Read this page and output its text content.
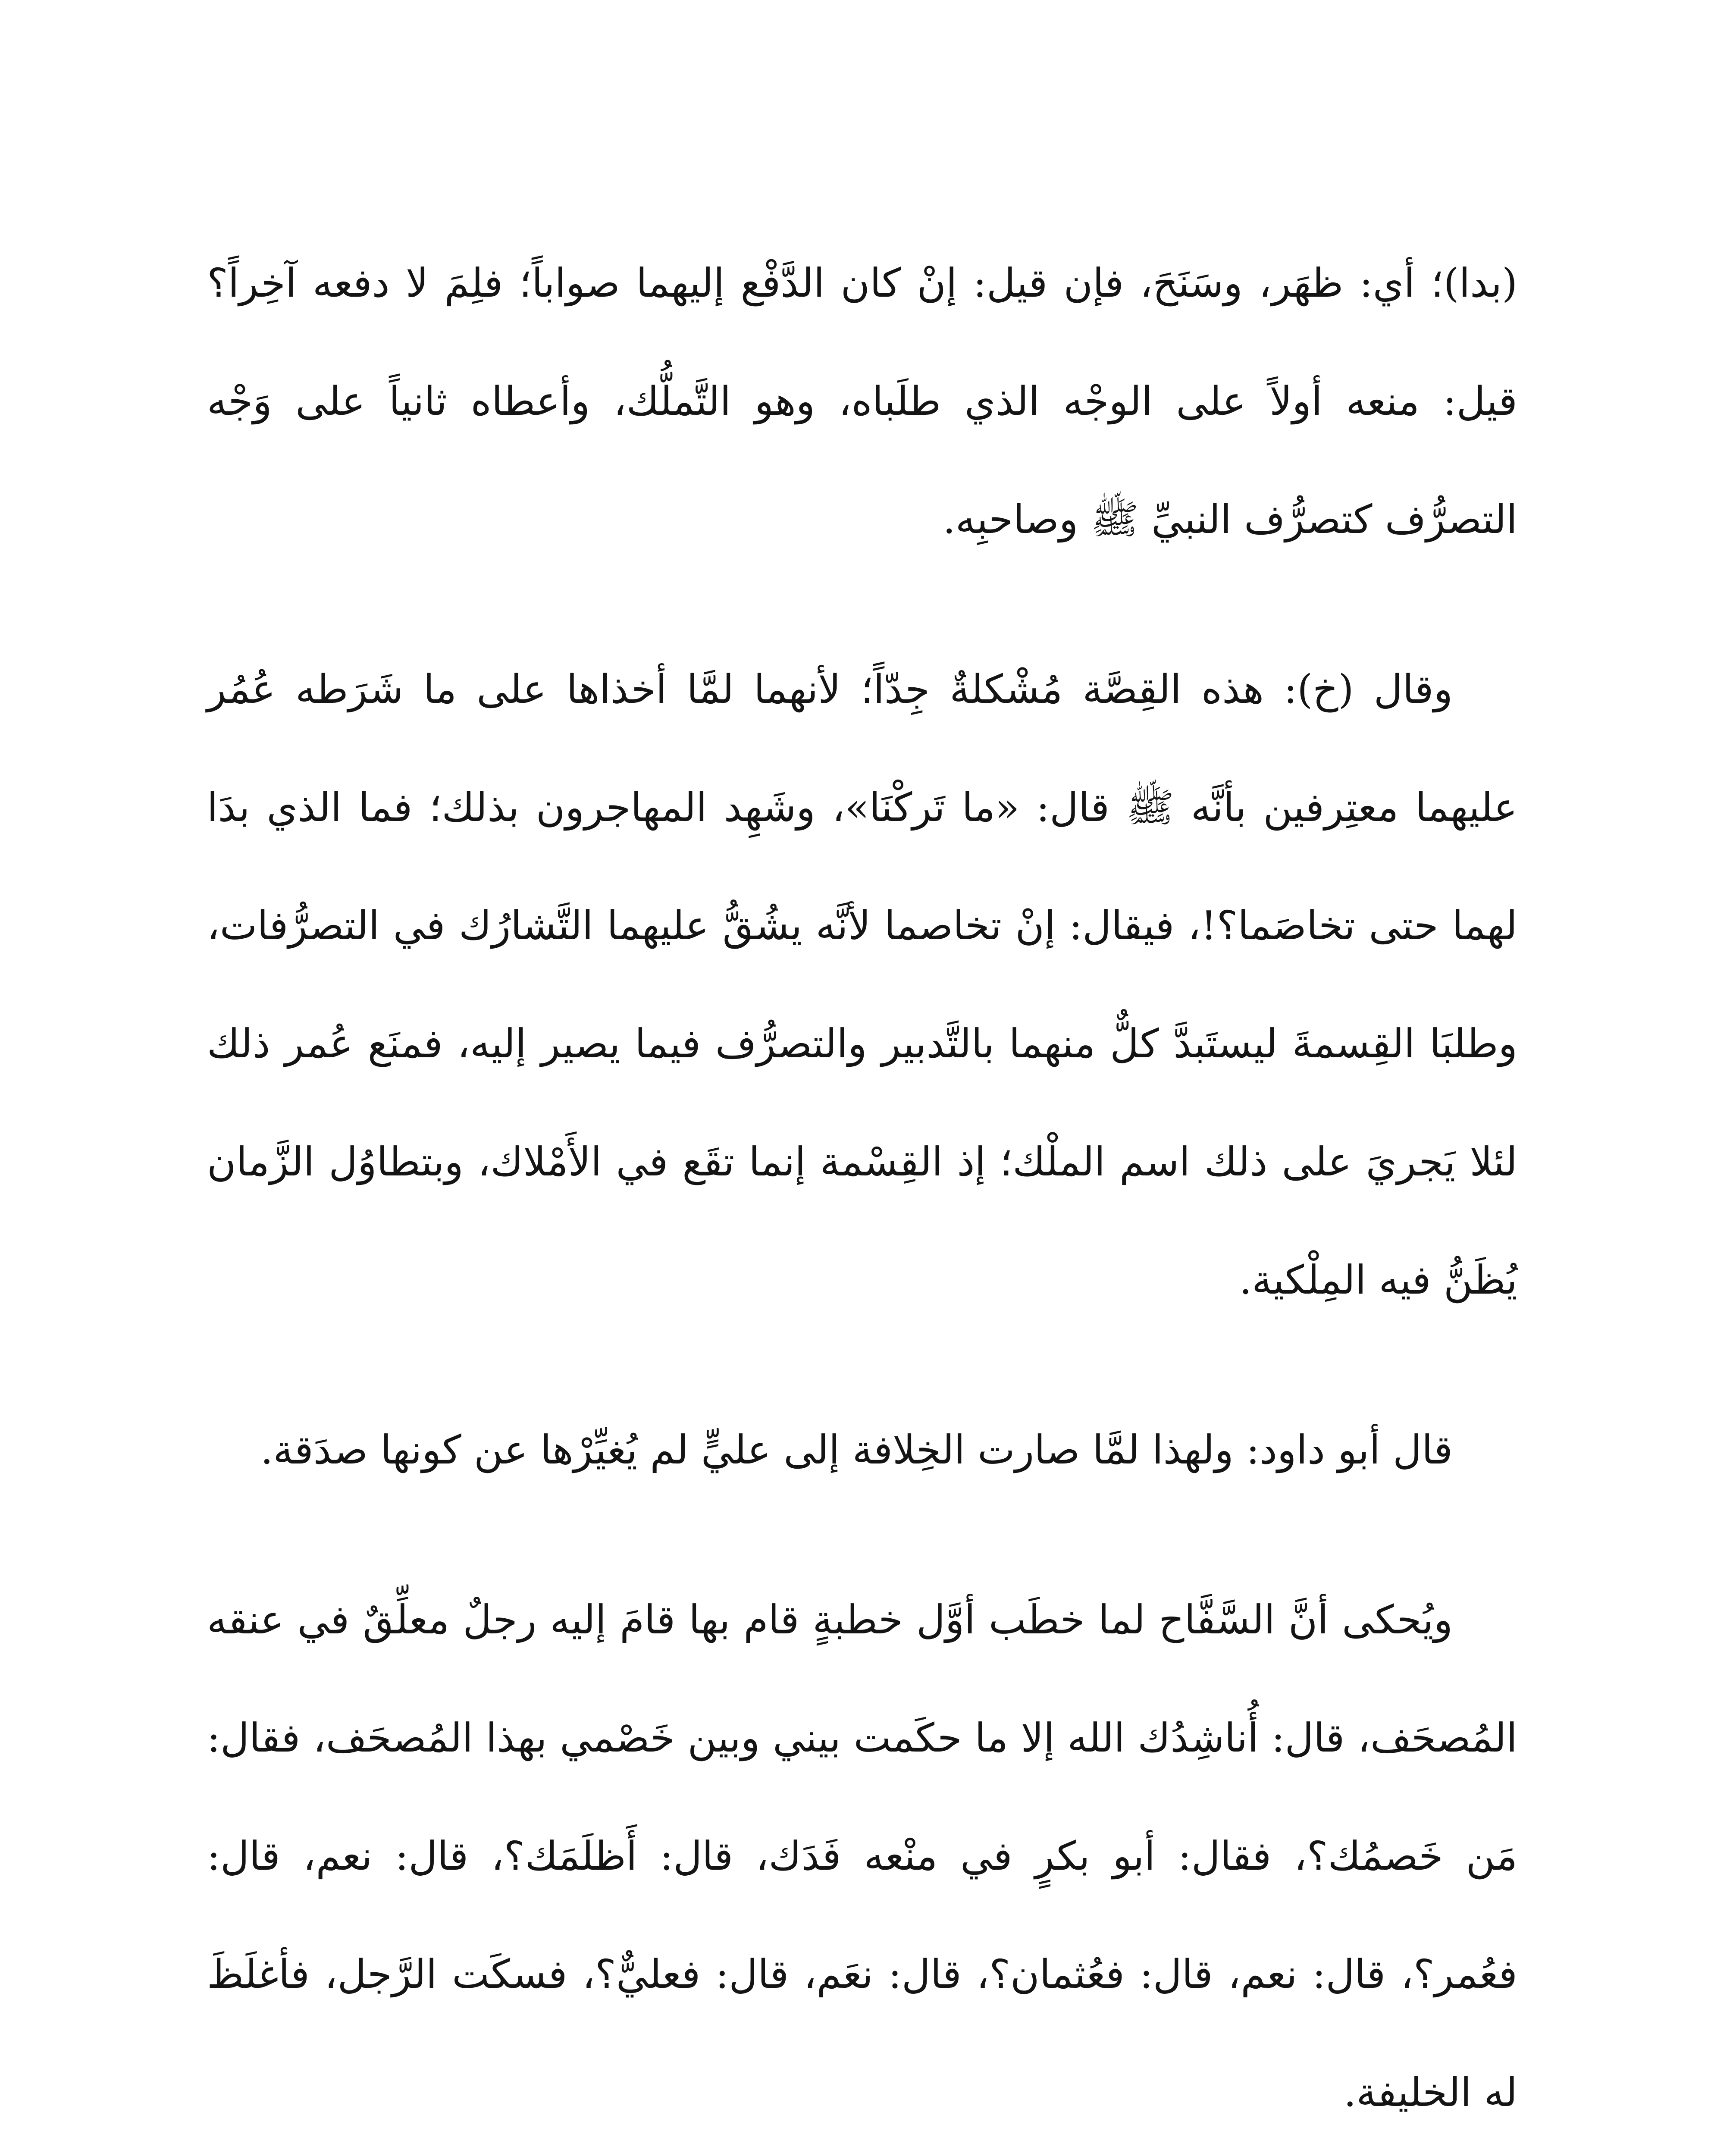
(بدا)؛ أي: ظهَر، وسَنَحَ، فإن قيل: إنْ كان الدَّفْع إليهما صواباً؛ فلِمَ لا دفعه آخِراً؟ قيل: منعه أولاً على الوجْه الذي طلَباه، وهو التَّملُّك، وأعطاه ثانياً على وَجْه التصرُّف كتصرُّف النبيِّ ﷺ وصاحبِه.

وقال (خ): هذه القِصَّة مُشْكلةٌ جِدّاً؛ لأنهما لمَّا أخذاها على ما شَرَطه عُمُر عليهما معتِرفين بأنَّه ﷺ قال: «ما تَركْنَا»، وشَهِد المهاجرون بذلك؛ فما الذي بدَا لهما حتى تخاصَما؟!، فيقال: إنْ تخاصما لأنَّه يشُقُّ عليهما التَّشارُك في التصرُّفات، وطلبَا القِسمةَ ليستَبدَّ كلٌّ منهما بالتَّدبير والتصرُّف فيما يصير إليه، فمنَع عُمر ذلك لئلا يَجريَ على ذلك اسم الملْك؛ إذ القِسْمة إنما تقَع في الأَمْلاك، وبتطاوُل الزَّمان يُظَنُّ فيه المِلْكية.

قال أبو داود: ولهذا لمَّا صارت الخِلافة إلى عليٍّ لم يُغيِّرْها عن كونها صدَقة.

ويُحكى أنَّ السَّفَّاح لما خطَب أوَّل خطبةٍ قام بها قامَ إليه رجلٌ معلِّقٌ في عنقه المُصحَف، قال: أُناشِدُك الله إلا ما حكَمت بيني وبين خَصْمي بهذا المُصحَف، فقال: مَن خَصمُك؟، فقال: أبو بكرٍ في منْعه فَدَك، قال: أَظلَمَك؟، قال: نعم، قال: فعُمر؟، قال: نعم، قال: فعُثمان؟، قال: نعَم، قال: فعليٌّ؟، فسكَت الرَّجل، فأغلَظَ له الخليفة.
